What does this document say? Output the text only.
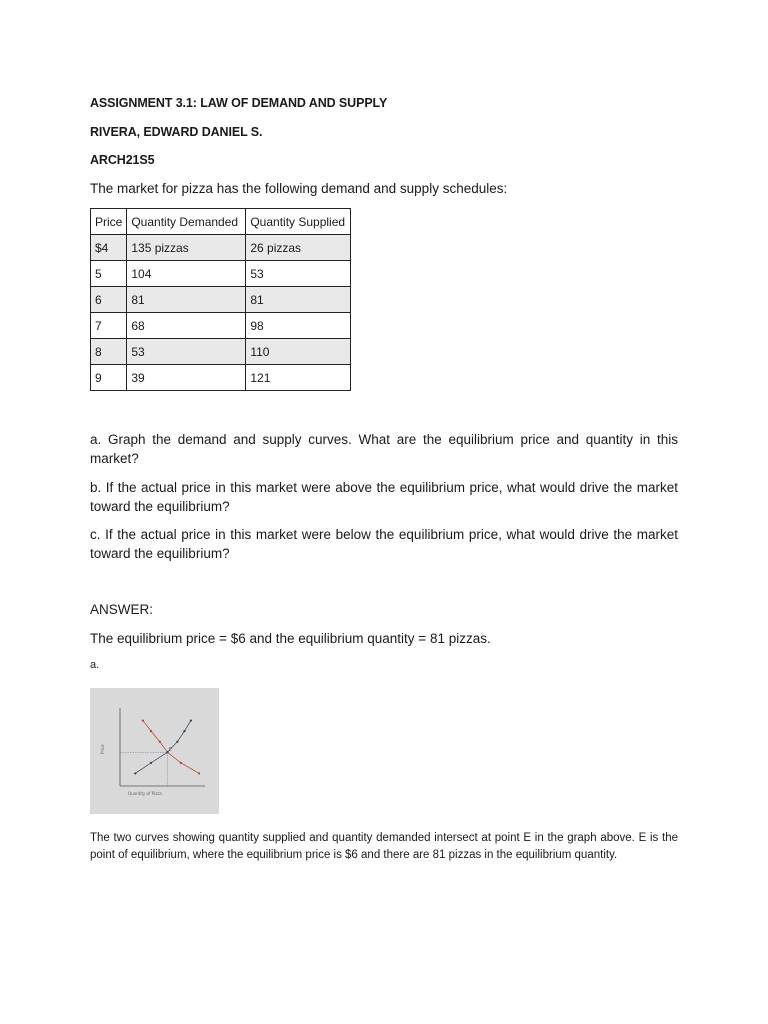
ASSIGNMENT 3.1: LAW OF DEMAND AND SUPPLY
RIVERA, EDWARD DANIEL S.
ARCH21S5
The market for pizza has the following demand and supply schedules:
Price	Quantity Demanded	Quantity Supplied
$4	135 pizzas	26 pizzas
5	104	53
6	81	81
7	68	98
8	53	110
9	39	121
a. Graph the demand and supply curves. What are the equilibrium price and quantity in this market?
b. If the actual price in this market were above the equilibrium price, what would drive the market toward the equilibrium?
c. If the actual price in this market were below the equilibrium price, what would drive the market toward the equilibrium?
ANSWER:
The equilibrium price = $6 and the equilibrium quantity = 81 pizzas.
a.
E
Quantity of Pizza
Price
The two curves showing quantity supplied and quantity demanded intersect at point E in the graph above. E is the point of equilibrium, where the equilibrium price is $6 and there are 81 pizzas in the equilibrium quantity.
